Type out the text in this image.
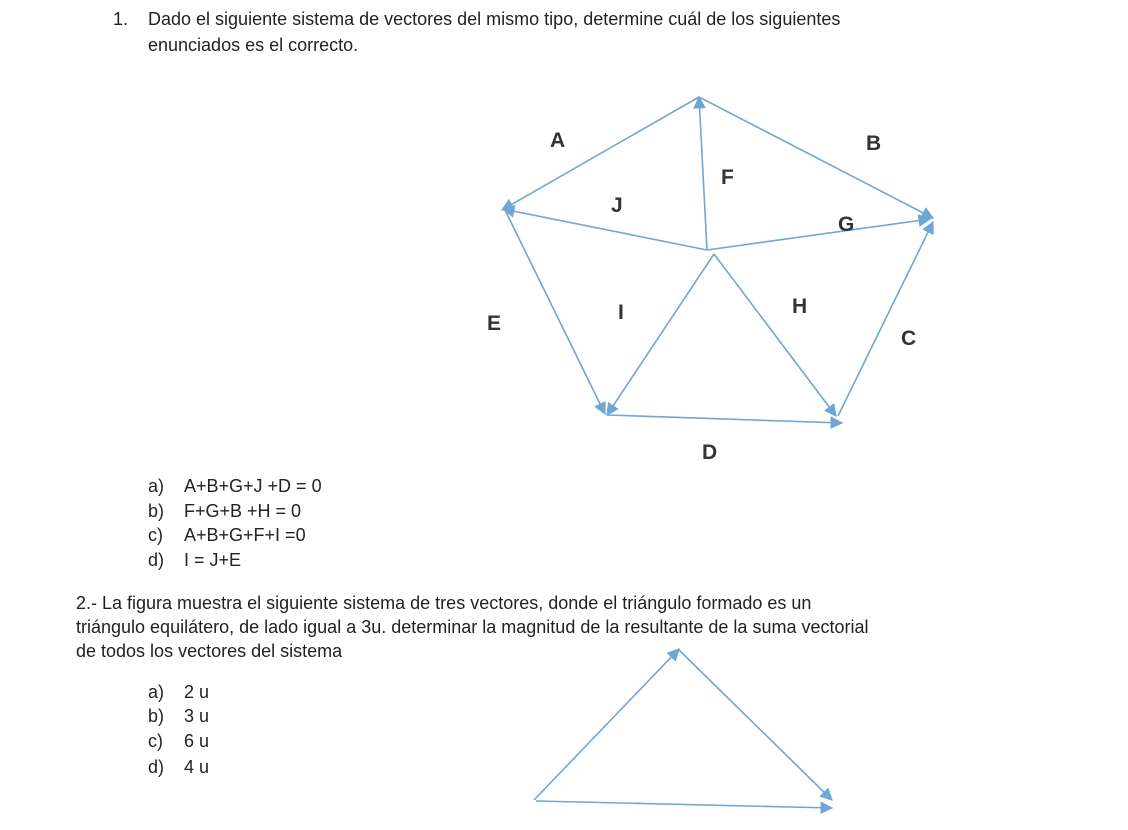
1. Dado el siguiente sistema de vectores del mismo tipo, determine cuál de los siguientes
enunciados es el correcto.
A	B
F
J
G
E	I	H
C
D
a) A+B+G+J +D = 0
b) F+G+B +H = 0
c) A+B+G+F+I =0
d) I = J+E
2.- La figura muestra el siguiente sistema de tres vectores, donde el triángulo formado es un
triángulo equilátero, de lado igual a 3u. determinar la magnitud de la resultante de la suma vectorial
de todos los vectores del sistema
a) 2 u
b) 3 u
c) 6 u
d) 4 u
